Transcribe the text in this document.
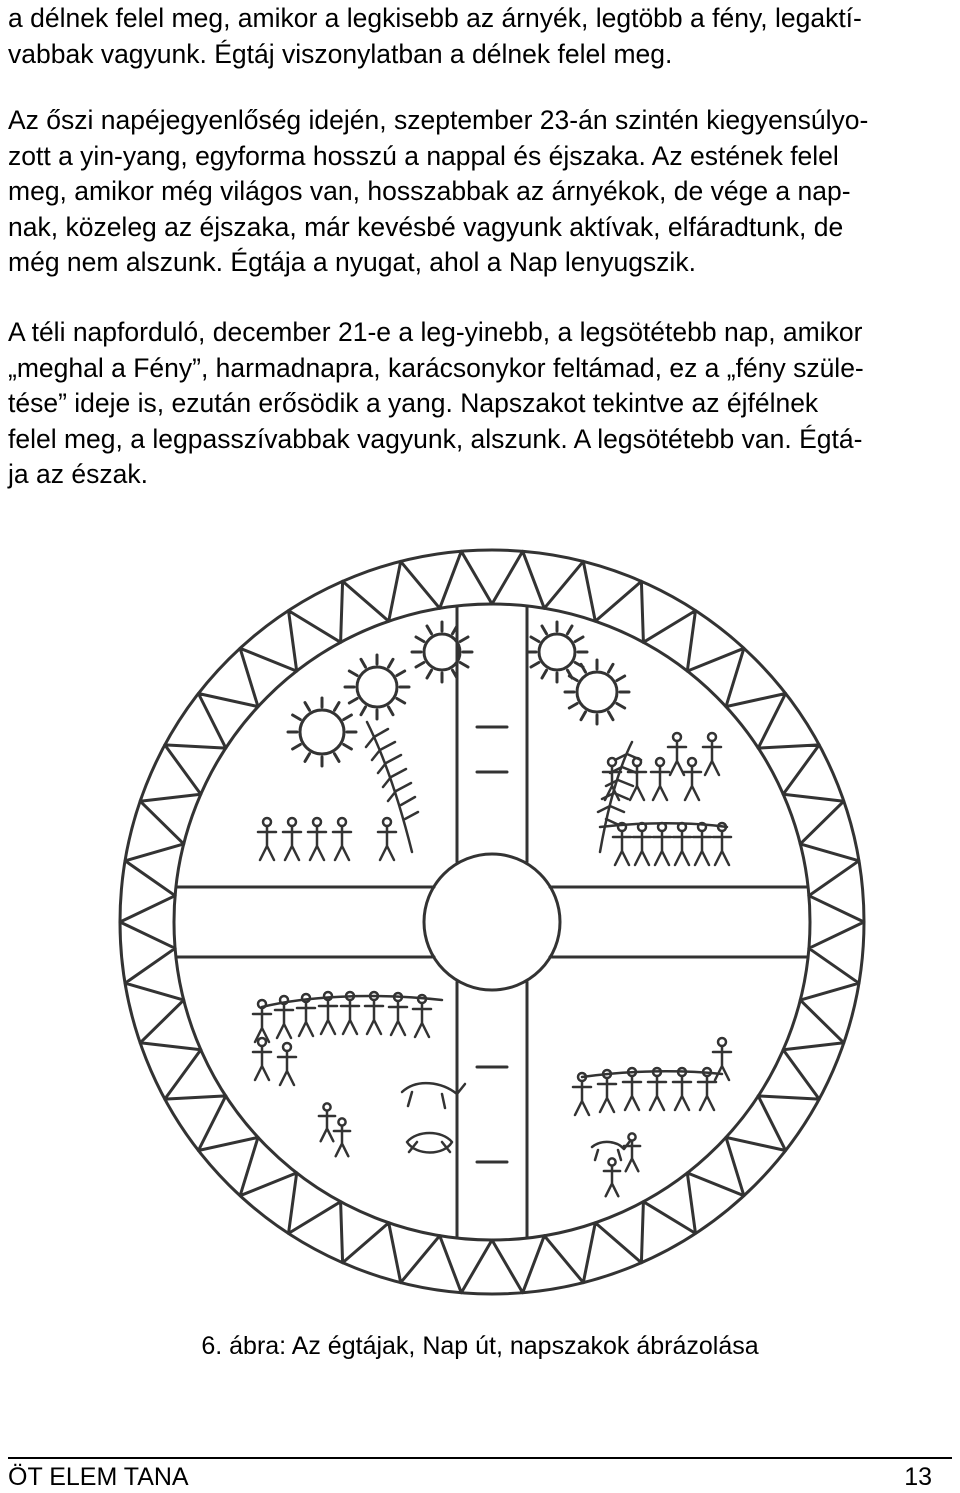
a délnek felel meg, amikor a legkisebb az árnyék, legtöbb a fény, legaktí-
vabbak vagyunk. Égtáj viszonylatban a délnek felel meg.
Az őszi napéjegyenlőség idején, szeptember 23-án szintén kiegyensúlyo-
zott a yin-yang, egyforma hosszú a nappal és éjszaka. Az estének felel
meg, amikor még világos van, hosszabbak az árnyékok, de vége a nap-
nak, közeleg az éjszaka, már kevésbé vagyunk aktívak, elfáradtunk, de
még nem alszunk. Égtája a nyugat, ahol a Nap lenyugszik.
A téli napforduló, december 21-e a leg-yinebb, a legsötétebb nap, amikor
„meghal a Fény”, harmadnapra, karácsonykor feltámad, ez a „fény szüle-
tése” ideje is, ezután erősödik a yang. Napszakot tekintve az éjfélnek
felel meg, a legpasszívabbak vagyunk, alszunk. A legsötétebb van. Égtá-
ja az észak.
6. ábra: Az égtájak, Nap út, napszakok ábrázolása
ÖT ELEM TANA	13
